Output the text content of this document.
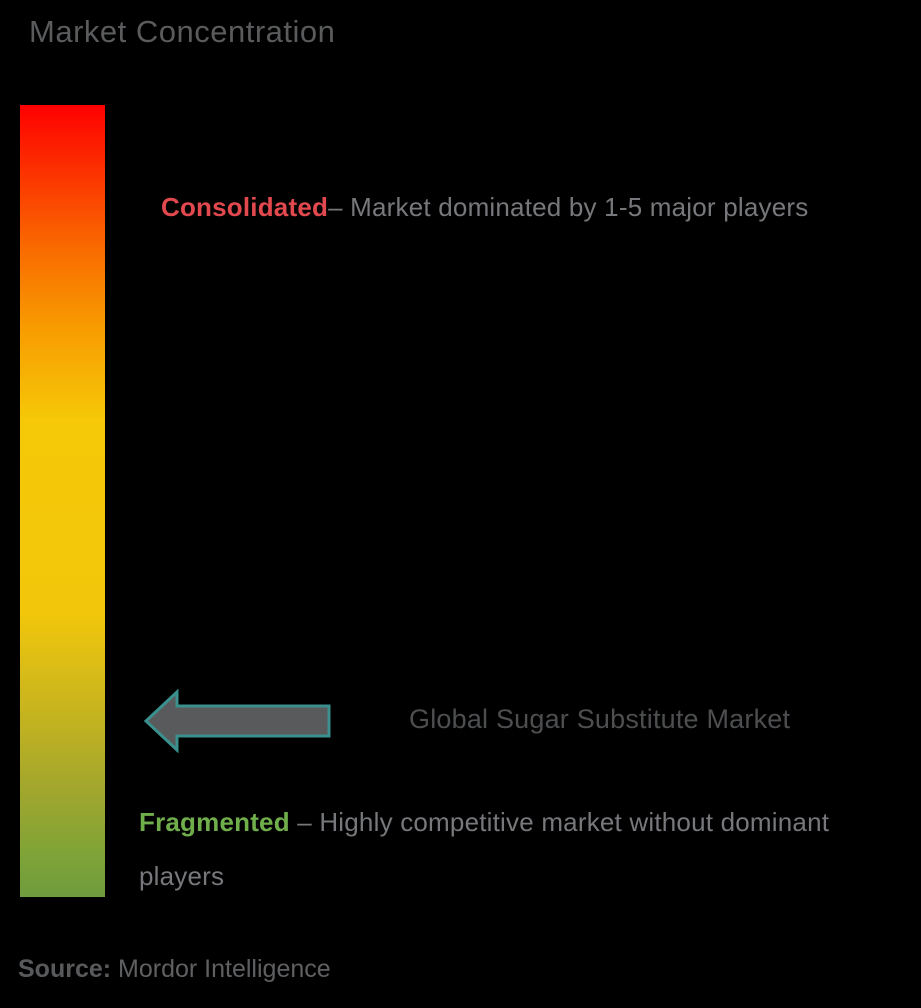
Market Concentration
Consolidated– Market dominated by 1-5 major players
Global Sugar Substitute Market
Fragmented – Highly competitive market without dominant
players
Source: Mordor Intelligence
